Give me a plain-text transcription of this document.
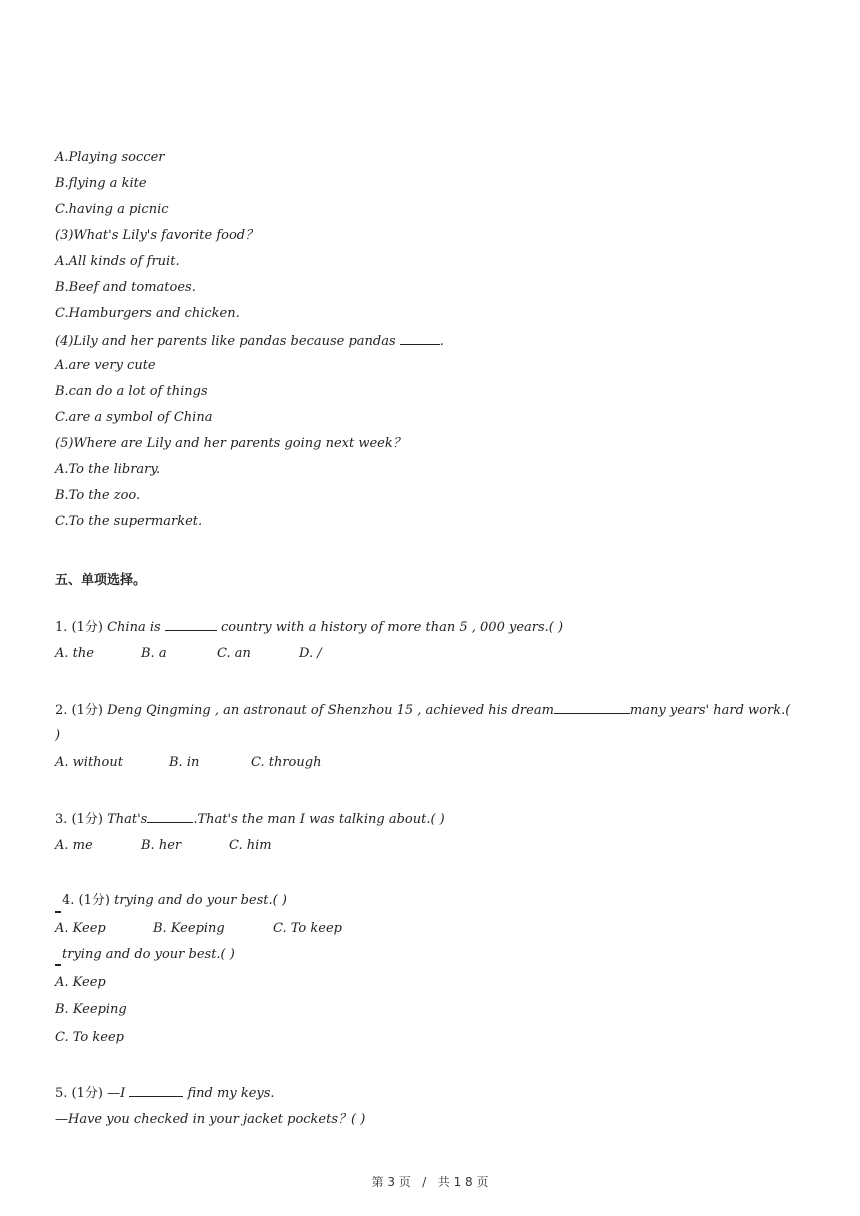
A.Playing soccer
B.flying a kite
C.having a picnic
(3)What's Lily's favorite food？
A.All kinds of fruit.
B.Beef and tomatoes.
C.Hamburgers and chicken.
(4)Lily and her parents like pandas because pandas	.
A.are very cute
B.can do a lot of things
C.are a symbol of China
(5)Where are Lily and her parents going next week？
A.To the library.
B.To the zoo.
C.To the supermarket.
五、单项选择。
1. (1分) China is	country with a history of more than 5 , 000 years.( )
A. the	B. a	C. an	D. /
2. (1分) Deng Qingming , an astronaut of Shenzhou 15 , achieved his dream	many years' hard work.(
)
A. without	B. in	C. through
3. (1分) That's	.That's the man I was talking about.( )
A. me	B. her	C. him
4. (1分) trying and do your best.( )
A. Keep	B. Keeping	C. To keep
trying and do your best.( )
A. Keep
B. Keeping
C. To keep
5. (1分) —I	find my keys.
—Have you checked in your jacket pockets？( )
第 3 页 / 共 1 8 页
